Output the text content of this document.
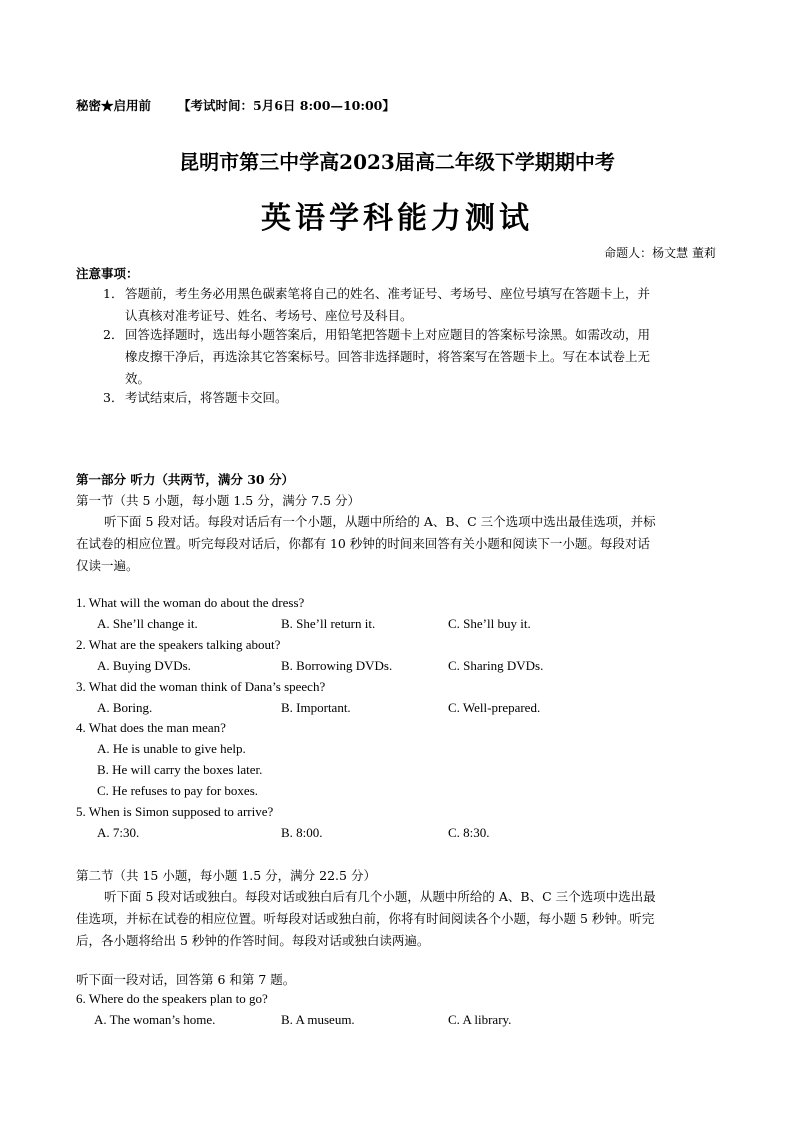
秘密★启用前 【考试时间：5月6日 8:00—10:00】
昆明市第三中学高2023届高二年级下学期期中考
英语学科能力测试
命题人：杨文慧 董莉
注意事项：
1． 答题前，考生务必用黑色碳素笔将自己的姓名、准考证号、考场号、座位号填写在答题卡上，并
认真核对准考证号、姓名、考场号、座位号及科目。
2． 回答选择题时，选出每小题答案后，用铅笔把答题卡上对应题目的答案标号涂黑。如需改动，用
橡皮擦干净后，再选涂其它答案标号。回答非选择题时，将答案写在答题卡上。写在本试卷上无
效。
3． 考试结束后，将答题卡交回。
第一部分 听力（共两节，满分 30 分）
第一节（共 5 小题，每小题 1.5 分，满分 7.5 分）
听下面 5 段对话。每段对话后有一个小题，从题中所给的 A、B、C 三个选项中选出最佳选项，并标
在试卷的相应位置。听完每段对话后，你都有 10 秒钟的时间来回答有关小题和阅读下一小题。每段对话
仅读一遍。
1. What will the woman do about the dress?
A. She’ll change it.	B. She’ll return it.	C. She’ll buy it.
2. What are the speakers talking about?
A. Buying DVDs.	B. Borrowing DVDs.	C. Sharing DVDs.
3. What did the woman think of Dana’s speech?
A. Boring.	B. Important.	C. Well-prepared.
4. What does the man mean?
A. He is unable to give help.
B. He will carry the boxes later.
C. He refuses to pay for boxes.
5. When is Simon supposed to arrive?
A. 7:30.	B. 8:00.	C. 8:30.
第二节（共 15 小题，每小题 1.5 分，满分 22.5 分）
听下面 5 段对话或独白。每段对话或独白后有几个小题，从题中所给的 A、B、C 三个选项中选出最
佳选项，并标在试卷的相应位置。听每段对话或独白前，你将有时间阅读各个小题，每小题 5 秒钟。听完
后，各小题将给出 5 秒钟的作答时间。每段对话或独白读两遍。
听下面一段对话，回答第 6 和第 7 题。
6. Where do the speakers plan to go?
A. The woman’s home.	B. A museum.	C. A library.
